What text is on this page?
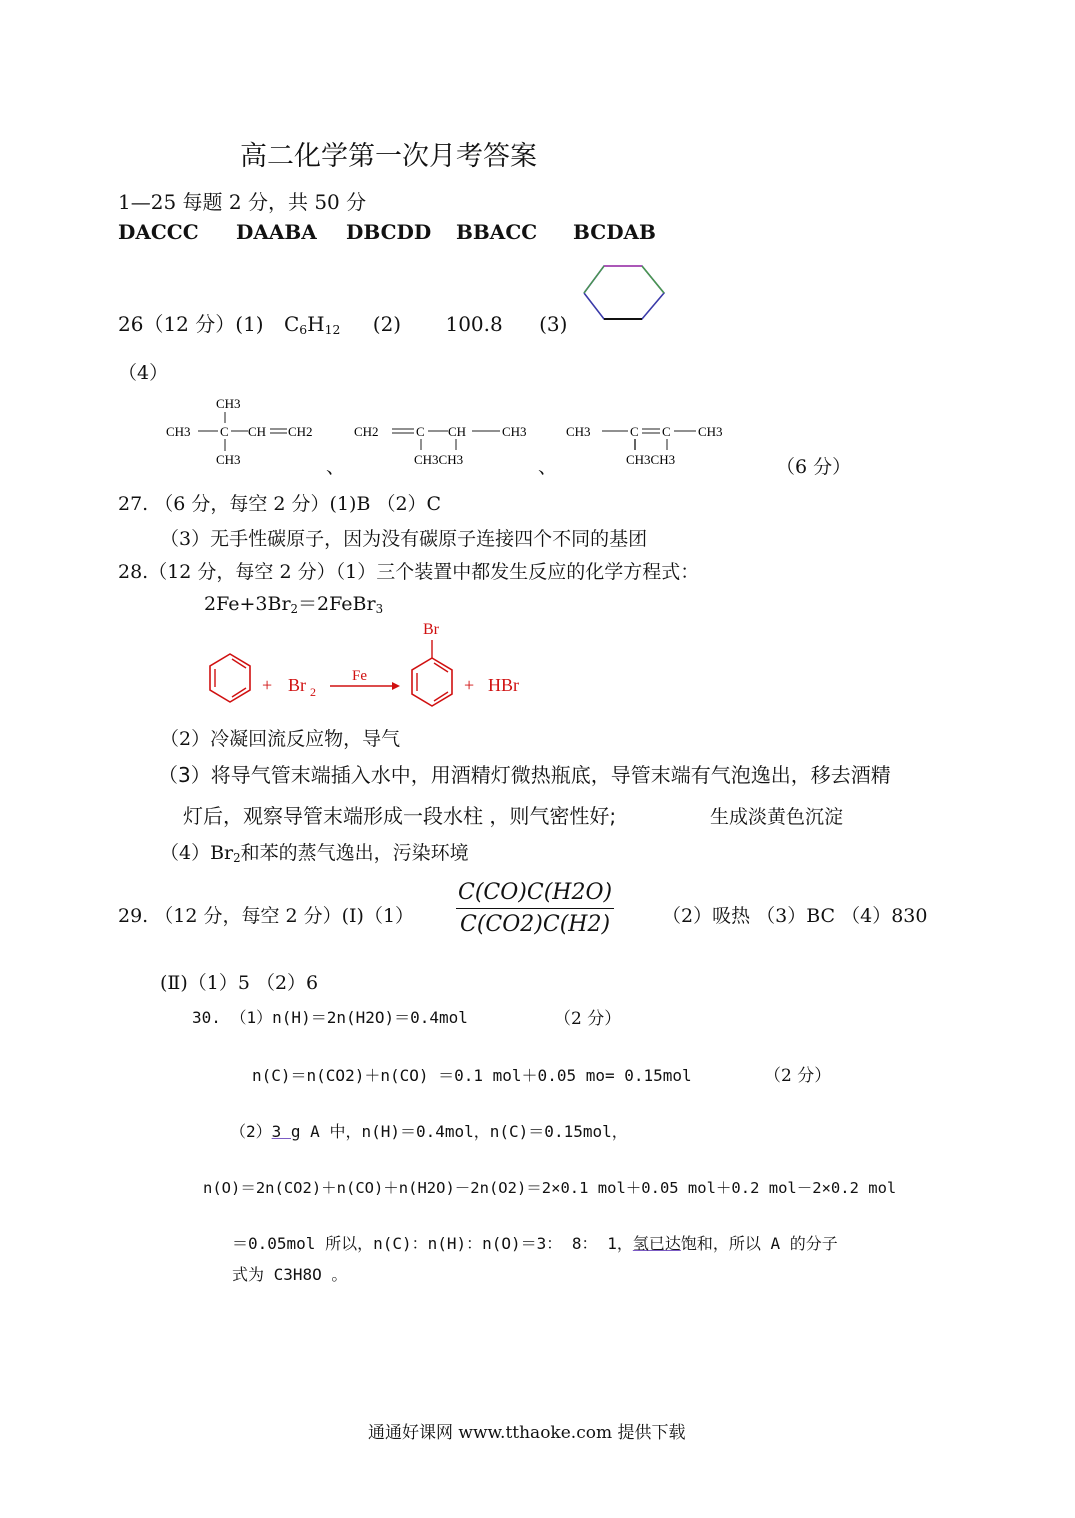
高二化学第一次月考答案
1—25 每题 2 分，共 50 分
DACCC DAABA DBCDD BBACC BCDAB
26（12 分）(1) $C_6H_{12}$ (2) 100.8 (3)
（4）
CH3
CH3 C CH CH2
CH3	、
CH2	C CH	CH3
CH3CH3	、
CH3	C C CH3
CH3CH3	（6 分）
27. （6 分，每空 2 分）(1)B （2）C
（3）无手性碳原子，因为没有碳原子连接四个不同的基团
28.（12 分，每空 2 分）（1）三个装置中都发生反应的化学方程式：
$2Fe+3Br_2=2FeBr_3$
+ Br 2
Fe
Br
+ HBr
（2）冷凝回流反应物，导气
（3）将导气管末端插入水中，用酒精灯微热瓶底，导管末端有气泡逸出，移去酒精
灯后，观察导管末端形成一段水柱 ，则气密性好;	生成淡黄色沉淀
$(4)Br_2$和苯的蒸气逸出，污染环境
29. （12 分，每空 2 分）(Ⅰ)（1） $\frac{C(CO)C(H2O)}{C(CO2)C(H2)}$	（2）吸热 （3）BC （4）830
(Ⅱ)（1）5 （2）6
30. （1）n(H)＝2n(H2O)＝0.4mol	（2 分）
n(C)＝n(CO2)＋n(CO) ＝0.1 mol＋0.05 mo= 0.15mol	（2 分）
（2）3 g A 中，n(H)＝0.4mol，n(C)＝0.15mol，
n(O)＝2n(CO2)＋n(CO)＋n(H2O)－2n(O2)＝2×0.1 mol＋0.05 mol＋0.2 mol－2×0.2 mol
＝0.05mol 所以，n(C)：n(H)：n(O)＝3： 8： 1，氢已达饱和，所以 A 的分子
式为 C3H8O 。
通通好课网 www.tthaoke.com 提供下载
